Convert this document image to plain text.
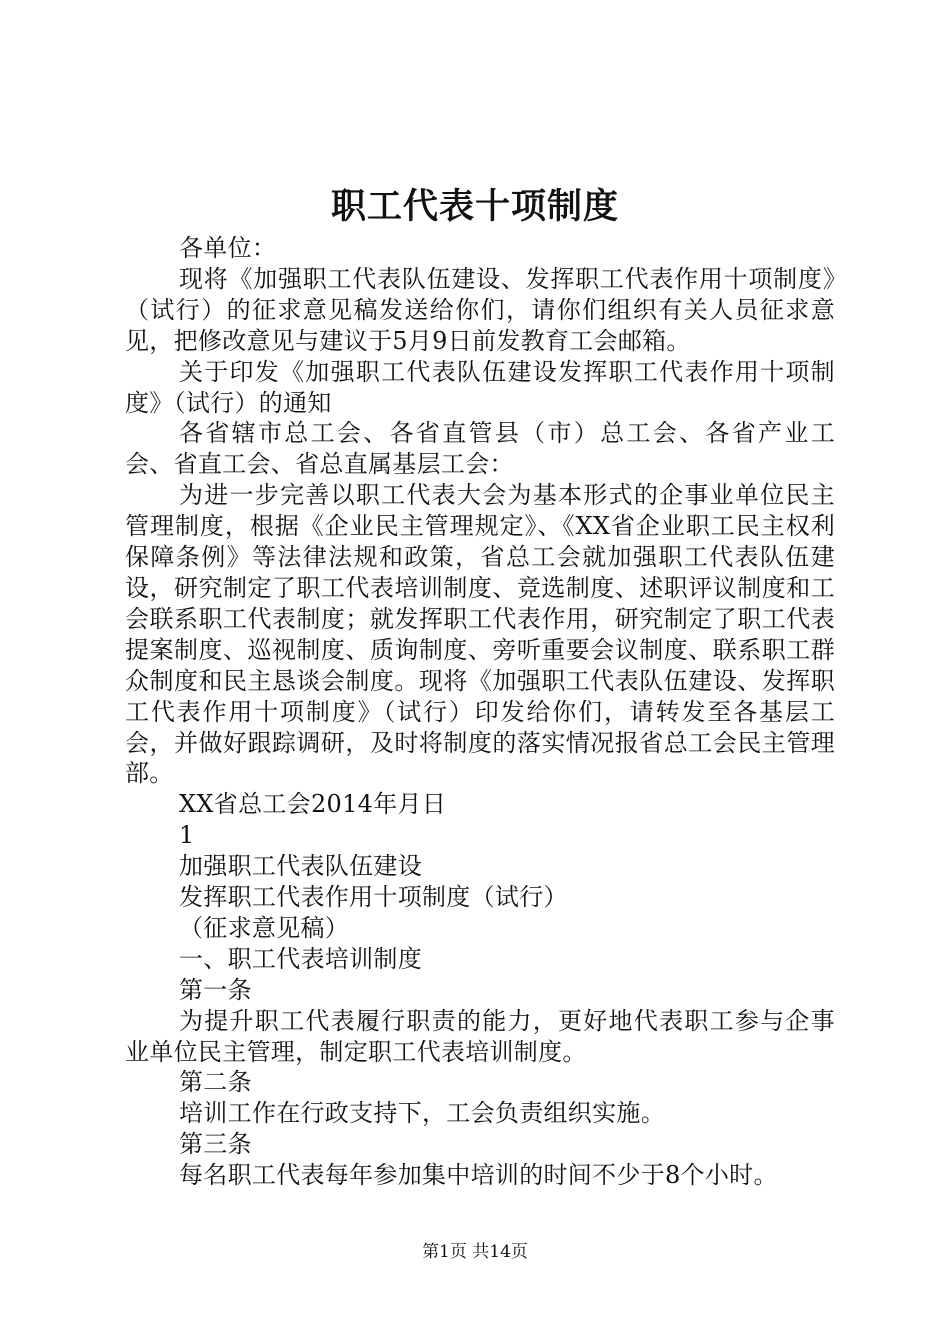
职工代表十项制度

各单位：

现将《加强职工代表队伍建设、发挥职工代表作用十项制度》（试行）的征求意见稿发送给你们，请你们组织有关人员征求意见，把修改意见与建议于5月9日前发教育工会邮箱。

关于印发《加强职工代表队伍建设发挥职工代表作用十项制度》（试行）的通知

各省辖市总工会、各省直管县（市）总工会、各省产业工会、省直工会、省总直属基层工会：

为进一步完善以职工代表大会为基本形式的企事业单位民主管理制度，根据《企业民主管理规定》、《XX省企业职工民主权利保障条例》等法律法规和政策，省总工会就加强职工代表队伍建设，研究制定了职工代表培训制度、竞选制度、述职评议制度和工会联系职工代表制度；就发挥职工代表作用，研究制定了职工代表提案制度、巡视制度、质询制度、旁听重要会议制度、联系职工群众制度和民主恳谈会制度。现将《加强职工代表队伍建设、发挥职工代表作用十项制度》（试行）印发给你们，请转发至各基层工会，并做好跟踪调研，及时将制度的落实情况报省总工会民主管理部。

XX省总工会2014年月日

1

加强职工代表队伍建设

发挥职工代表作用十项制度（试行）

（征求意见稿）

一、职工代表培训制度

第一条

为提升职工代表履行职责的能力，更好地代表职工参与企事业单位民主管理，制定职工代表培训制度。

第二条

培训工作在行政支持下，工会负责组织实施。

第三条

每名职工代表每年参加集中培训的时间不少于8个小时。

第1页 共14页
